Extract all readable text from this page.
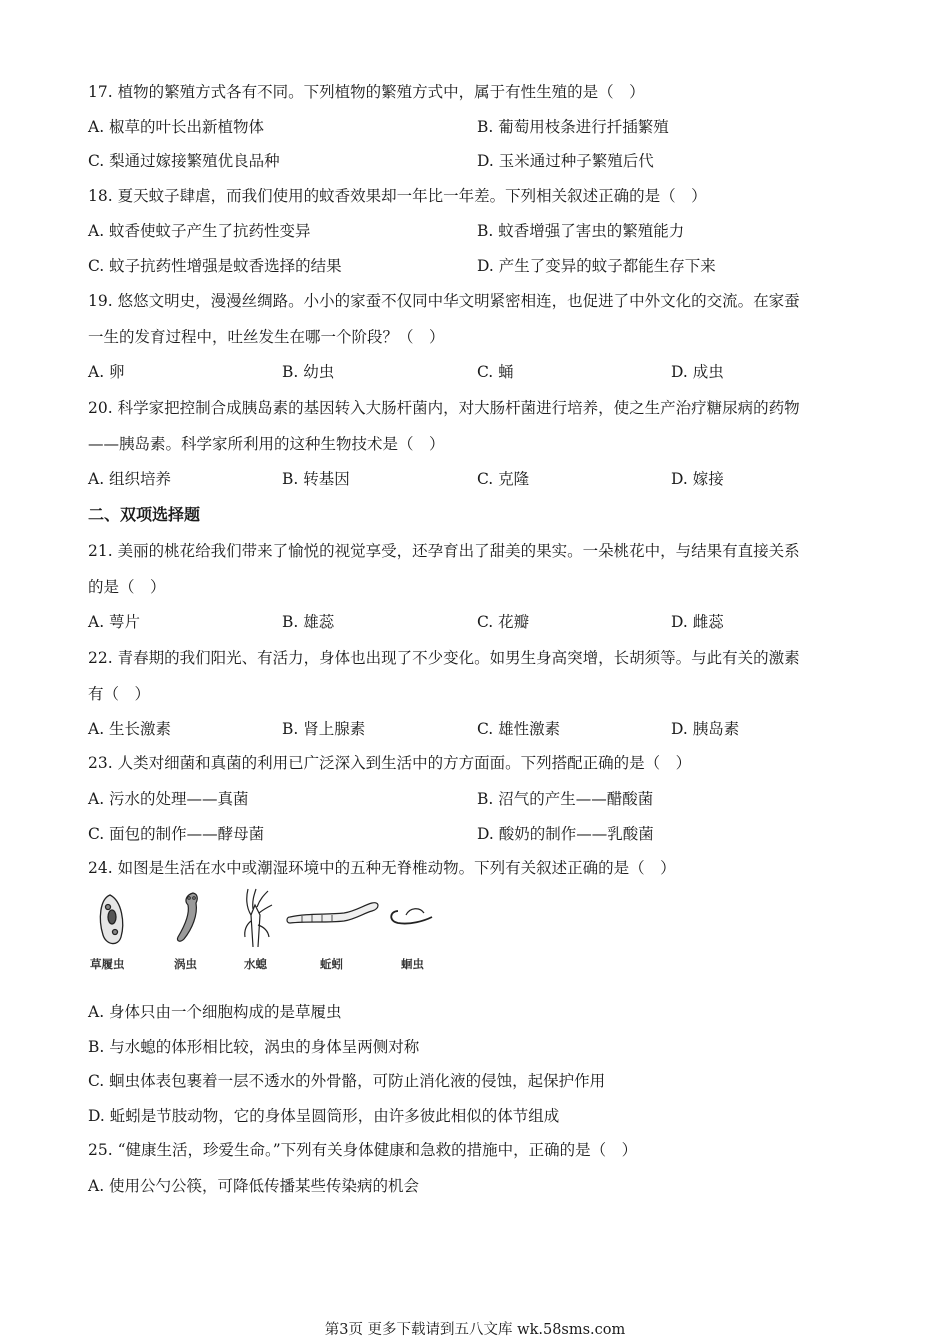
17. 植物的繁殖方式各有不同。下列植物的繁殖方式中，属于有性生殖的是（　）
A. 椒草的叶长出新植物体	B. 葡萄用枝条进行扦插繁殖
C. 梨通过嫁接繁殖优良品种	D. 玉米通过种子繁殖后代
18. 夏天蚊子肆虐，而我们使用的蚊香效果却一年比一年差。下列相关叙述正确的是（　）
A. 蚊香使蚊子产生了抗药性变异	B. 蚊香增强了害虫的繁殖能力
C. 蚊子抗药性增强是蚊香选择的结果	D. 产生了变异的蚊子都能生存下来
19. 悠悠文明史，漫漫丝绸路。小小的家蚕不仅同中华文明紧密相连，也促进了中外文化的交流。在家蚕
一生的发育过程中，吐丝发生在哪一个阶段？（　）
A. 卵	B. 幼虫	C. 蛹	D. 成虫
20. 科学家把控制合成胰岛素的基因转入大肠杆菌内，对大肠杆菌进行培养，使之生产治疗糖尿病的药物
——胰岛素。科学家所利用的这种生物技术是（　）
A. 组织培养	B. 转基因	C. 克隆	D. 嫁接
二、双项选择题
21. 美丽的桃花给我们带来了愉悦的视觉享受，还孕育出了甜美的果实。一朵桃花中，与结果有直接关系
的是（　）
A. 萼片	B. 雄蕊	C. 花瓣	D. 雌蕊
22. 青春期的我们阳光、有活力，身体也出现了不少变化。如男生身高突增，长胡须等。与此有关的激素
有（　）
A. 生长激素	B. 肾上腺素	C. 雄性激素	D. 胰岛素
23. 人类对细菌和真菌的利用已广泛深入到生活中的方方面面。下列搭配正确的是（　）
A. 污水的处理——真菌	B. 沼气的产生——醋酸菌
C. 面包的制作——酵母菌	D. 酸奶的制作——乳酸菌
24. 如图是生活在水中或潮湿环境中的五种无脊椎动物。下列有关叙述正确的是（　）
草履虫	涡虫	水螅	蚯蚓	蛔虫
A. 身体只由一个细胞构成的是草履虫
B. 与水螅的体形相比较，涡虫的身体呈两侧对称
C. 蛔虫体表包裹着一层不透水的外骨骼，可防止消化液的侵蚀，起保护作用
D. 蚯蚓是节肢动物，它的身体呈圆筒形，由许多彼此相似的体节组成
25. “健康生活，珍爱生命。”下列有关身体健康和急救的措施中，正确的是（　）
A. 使用公勺公筷，可降低传播某些传染病的机会
第3页 更多下载请到五八文库 wk.58sms.com
